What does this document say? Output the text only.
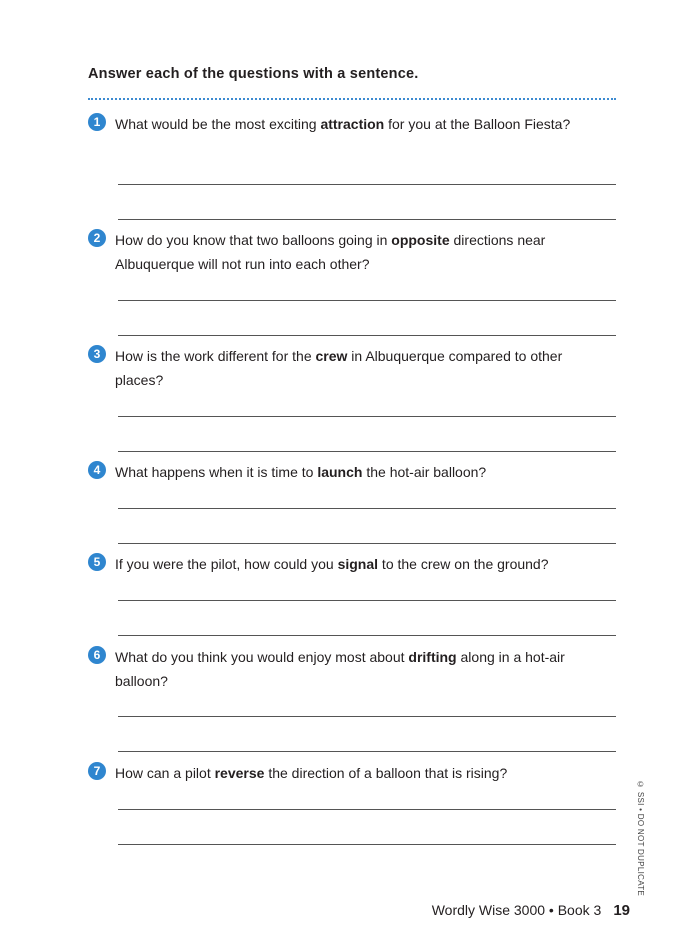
Answer each of the questions with a sentence.
1	What would be the most exciting attraction for you at the Balloon Fiesta?
2	How do you know that two balloons going in opposite directions near Albuquerque will not run into each other?
3	How is the work different for the crew in Albuquerque compared to other places?
4	What happens when it is time to launch the hot-air balloon?
5	If you were the pilot, how could you signal to the crew on the ground?
6	What do you think you would enjoy most about drifting along in a hot-air balloon?
7	How can a pilot reverse the direction of a balloon that is rising?
© SSI • DO NOT DUPLICATE
Wordly Wise 3000 • Book 3 19
